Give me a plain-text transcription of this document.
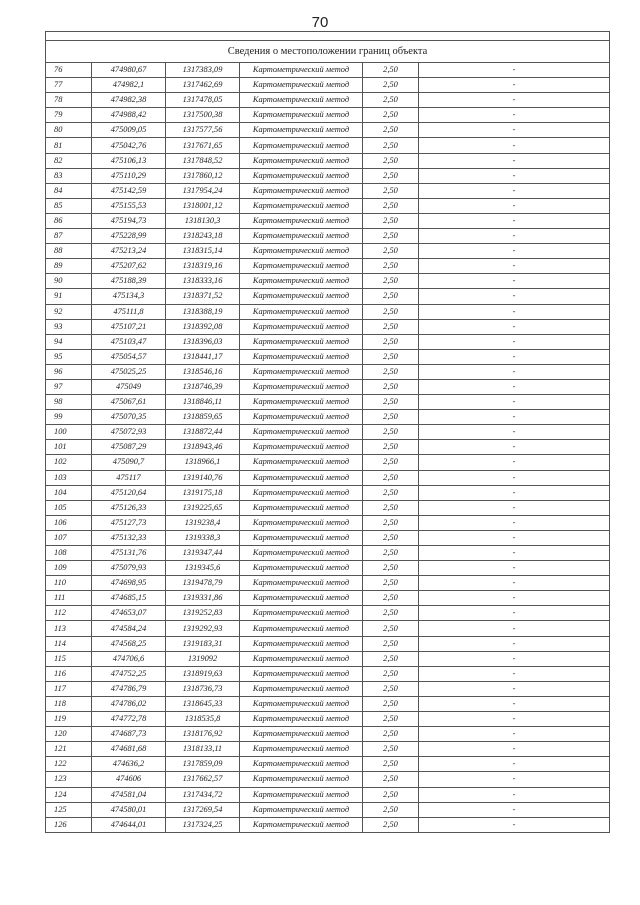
70

Сведения о местоположении границ объекта					
76	474980,67	1317383,09	Картометрический метод	2,50	-
77	474982,1	1317462,69	Картометрический метод	2,50	-
78	474982,38	1317478,05	Картометрический метод	2,50	-
79	474988,42	1317500,38	Картометрический метод	2,50	-
80	475009,05	1317577,56	Картометрический метод	2,50	-
81	475042,76	1317671,65	Картометрический метод	2,50	-
82	475106,13	1317848,52	Картометрический метод	2,50	-
83	475110,29	1317860,12	Картометрический метод	2,50	-
84	475142,59	1317954,24	Картометрический метод	2,50	-
85	475155,53	1318001,12	Картометрический метод	2,50	-
86	475194,73	1318130,3	Картометрический метод	2,50	-
87	475228,99	1318243,18	Картометрический метод	2,50	-
88	475213,24	1318315,14	Картометрический метод	2,50	-
89	475207,62	1318319,16	Картометрический метод	2,50	-
90	475188,39	1318333,16	Картометрический метод	2,50	-
91	475134,3	1318371,52	Картометрический метод	2,50	-
92	475111,8	1318388,19	Картометрический метод	2,50	-
93	475107,21	1318392,08	Картометрический метод	2,50	-
94	475103,47	1318396,03	Картометрический метод	2,50	-
95	475054,57	1318441,17	Картометрический метод	2,50	-
96	475025,25	1318546,16	Картометрический метод	2,50	-
97	475049	1318746,39	Картометрический метод	2,50	-
98	475067,61	1318846,11	Картометрический метод	2,50	-
99	475070,35	1318859,65	Картометрический метод	2,50	-
100	475072,93	1318872,44	Картометрический метод	2,50	-
101	475087,29	1318943,46	Картометрический метод	2,50	-
102	475090,7	1318966,1	Картометрический метод	2,50	-
103	475117	1319140,76	Картометрический метод	2,50	-
104	475120,64	1319175,18	Картометрический метод	2,50	-
105	475126,33	1319225,65	Картометрический метод	2,50	-
106	475127,73	1319238,4	Картометрический метод	2,50	-
107	475132,33	1319338,3	Картометрический метод	2,50	-
108	475131,76	1319347,44	Картометрический метод	2,50	-
109	475079,93	1319345,6	Картометрический метод	2,50	-
110	474698,95	1319478,79	Картометрический метод	2,50	-
111	474685,15	1319331,86	Картометрический метод	2,50	-
112	474653,07	1319252,83	Картометрический метод	2,50	-
113	474584,24	1319292,93	Картометрический метод	2,50	-
114	474568,25	1319183,31	Картометрический метод	2,50	-
115	474706,6	1319092	Картометрический метод	2,50	-
116	474752,25	1318919,63	Картометрический метод	2,50	-
117	474786,79	1318736,73	Картометрический метод	2,50	-
118	474786,02	1318645,33	Картометрический метод	2,50	-
119	474772,78	1318535,8	Картометрический метод	2,50	-
120	474687,73	1318176,92	Картометрический метод	2,50	-
121	474681,68	1318133,11	Картометрический метод	2,50	-
122	474636,2	1317859,09	Картометрический метод	2,50	-
123	474606	1317662,57	Картометрический метод	2,50	-
124	474581,04	1317434,72	Картометрический метод	2,50	-
125	474580,01	1317269,54	Картометрический метод	2,50	-
126	474644,01	1317324,25	Картометрический метод	2,50	-
